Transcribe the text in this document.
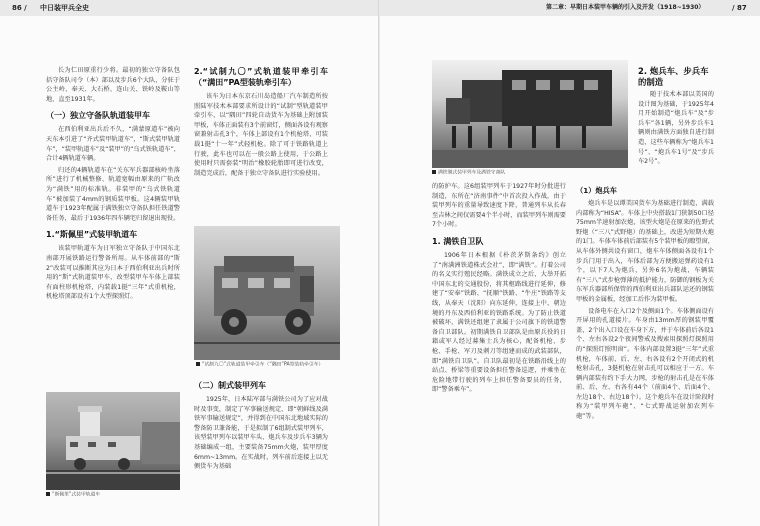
86 / 中日装甲兵全史

长为仁田原重行少将。最初的独立守备队包括守备队司令（本）部以及步兵6个大队，分驻于公主岭、奉天、大石桥、连山关、铁岭及鞍山等地，直至1931年。

（一）独立守备队轨道装甲车

在西伯利亚出兵后不久，“满蒙原道车”被向天东本引进了“齐式装甲轨道车”，“斯式装甲轨道车”，“装甲轨道车”及“装甲”的“乌式铁轨道车”，合计4辆轨道车辆。

归还的4辆轨道车在“关东军兵器部核岭坐落所”进行了机械整修、轨道宽幅由原来的广轨改为“满铁”用的标准轨。非装甲的“乌式铁轨道车”被加装了4mm的钢质装甲板。这4辆装甲轨道车于1923年配属于满铁独立守备队担任铁道警备任务，最后于1936年四车辆宅归留退出现役。

1.“斯佩里”式装甲轨道车

该装甲轨道车为日军独立守备队于中国东北南部开展铁路运行警备所用。从车体前部的“斯2”改装可以推断其应为日本于西伯利亚出兵时所用的“斯”式轨道装甲车，改型装甲车车体上部装有面柱形机枪塔，内装载1挺“三年”式重机枪，机枪塔顶部设有1个大型探照灯。

“斯佩里”式装甲轨道车
2.“试制九〇”式轨道装甲牵引车（“满田”PA型装轨牵引车）

该车为日本东京石川岛造船厂汽车制造所按照陆军技术本部要求所设计的“试制”型轨道装甲牵引车，以“隅田”四轮自动货车为基础上附加装甲板，车体正面装有3个前窗灯，侧面各设有观察窗兼射击孔3个，车体上部设有1个机枪塔，可装载1挺“十一年”式轻机枪。除了可于铁路轨道上行驶，此车也可以在一般公路上使用，于公路上使用时只需套装“明治”橡胶轮胎即可进行改变，制造完成后，配备于独立守备队进行实验使用。

“试制九〇”式轨道装甲牵引车（“隅田”PA型装轨牵引车）
（二）制式装甲列车

1925年，日本陆军部与满铁公司为了应对战时及事变，制定了军事输送规定，即“朝鲜线及满铁军事输送规定”，并得到在中国东北地域实际的警备防卫兼备能，于是拟制了6组制式装甲列车，该型装甲列车以装甲车头、炮兵车及步兵车3辆为基础编成一组，主要装备75mm火炮，装甲厚度6mm~13mm。在实战时，列车前后连接上以无侧货车为基础

第二章：早期日本装甲车辆的引入及开发（1918~1930）	/ 87
满铁制式装甲列车及满铁守备队

的防护车。这6组装甲列车于1927年时分批进行制造，东所在“济南事件”中首次投入作战，由于装甲列车的重量导致速度下降，普通列车从长春至吉林之间仅需要4个半小时，而装甲列车则需要7个小时。

1. 满铁自卫队

1906年日本根据《朴茨茅斯条约》创立了“南满洲铁道株式会社”，即“满铁”。打着公司的名义实行殖民经略。满铁成立之后，大举开拓中国东北的交通股份，将其枢路线进行延伸，修建了“安奉”铁路、“抚顺”铁路、“牛庄”铁路等支线，从奉天（沈阳）向东延伸，连接上中、朝边境的丹东及西伯利亚的铁路系统。为了防止铁道被破坏，满铁还组建了隶属于公司旗下的铁道警备自卫部队。初期满铁自卫部队是由原兵役的日籍或军人经过募集士兵为核心，配备机枪、步枪、手枪、军刀及刺刀等组建而成的武装部队，即“满铁自卫队”。自卫队最初是在铁路沿线上的站点、桥梁等重要设备担任警备巡逻，并乘坐在危险地带行驶的列车上担任警备要员的任务，即“警备乘车”。

2. 炮兵车、步兵车的制造

随于技术本部以美国的设计图为基础，于1925年4月开始制造“炮兵车”及“步兵车”各1辆，另外步兵车1辆则由满铁方面独自进行制造，这些车辆称为“炮兵车1号”、“炮兵车1号”及“步兵车2号”。

（1）炮兵车

炮兵车是以谭美国货车为基础进行制造，满载内部称为“HISA”。车体上中央搭载1门狭制50口径75mm半速射加农炮，该型火炮是在原来的佐野式野炮（“三八”式野炮）的基础上，改进为短期火炮的1门。车体车体前后部装有5个装甲板的瞭望窗，从车体外侧共设有窗口，炮车车体侧面各设有1个步兵门用于出入，车体后部为方便搬运弹药设有1个，以下7人为炮兵，另外6名为炮战，车辆装有“三八”式步枪弹薄的抵护能力，防御的钢板为关东军兵器部所保管的西伯利亚出兵部队运还的钢装甲板的金属板，经加工后作为装甲板。

设备电车在入口2个及侧面1个。车体侧面设有开屏用的孔道接片。车身由13mm厚的钢装甲覆盖，2个出入口设在车身下方，并于车体前后各设1个、左右各设2个夜间警戒及搜索用探照灯探照用的“探照灯照明窗”。车体内部设置3挺“三年”式重机枪，车体前、后、左、右各设有2个开闭式的机枪射击孔，3挺机枪在射击孔可以相应于一方。车辆内部装有约下手大力网，步枪的射击孔是在车体前、后、左、右各有44个（前面4个、后面4个、左边18个、右边18个）。这个炮兵车在设计阶段时称为“装甲列车砲”、“七式野战运射加农列车砲”等。
